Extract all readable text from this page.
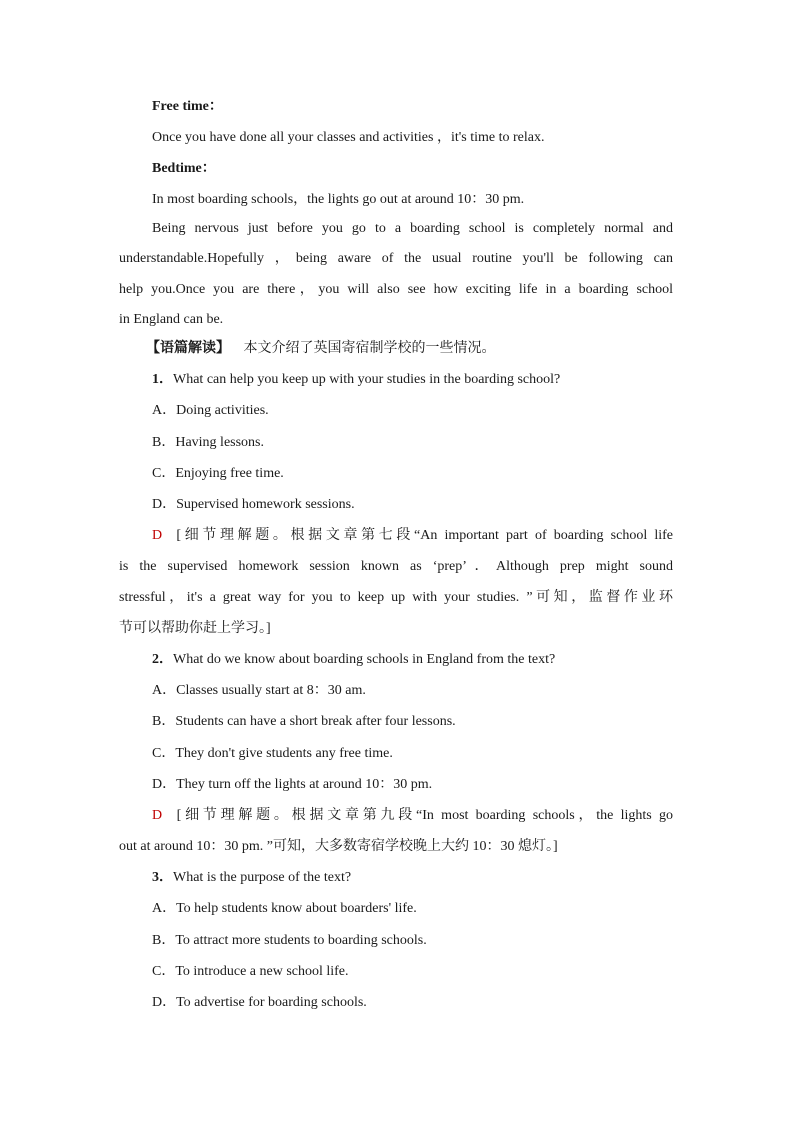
Free time：
Once you have done all your classes and activities ，it's time to relax.
Bedtime：
In most boarding schools，the lights go out at around 10：30 pm.
Being nervous just before you go to a boarding school is completely normal and
understandable.Hopefully ，being aware of the usual routine you'll be following can
help you.Once you are there，you will also see how exciting life in a boarding school
in England can be.
【语篇解读】 本文介绍了英国寄宿制学校的一些情况。
1．What can help you keep up with your studies in the boarding school?
A．Doing activities.
B．Having lessons.
C．Enjoying free time.
D．Supervised homework sessions.
D [细节理解题。根据文章第七段“An important part of boarding school life
is the supervised homework session known as ‘prep’．Although prep might sound
stressful，it's a great way for you to keep up with your studies. ”可知，监督作业环
节可以帮助你赶上学习。]
2．What do we know about boarding schools in England from the text?
A．Classes usually start at 8：30 am.
B．Students can have a short break after four lessons.
C．They don't give students any free time.
D．They turn off the lights at around 10：30 pm.
D [细节理解题。根据文章第九段“In most boarding schools，the lights go
out at around 10：30 pm. ”可知，大多数寄宿学校晚上大约 10：30 熄灯。]
3．What is the purpose of the text?
A．To help students know about boarders' life.
B．To attract more students to boarding schools.
C．To introduce a new school life.
D．To advertise for boarding schools.
